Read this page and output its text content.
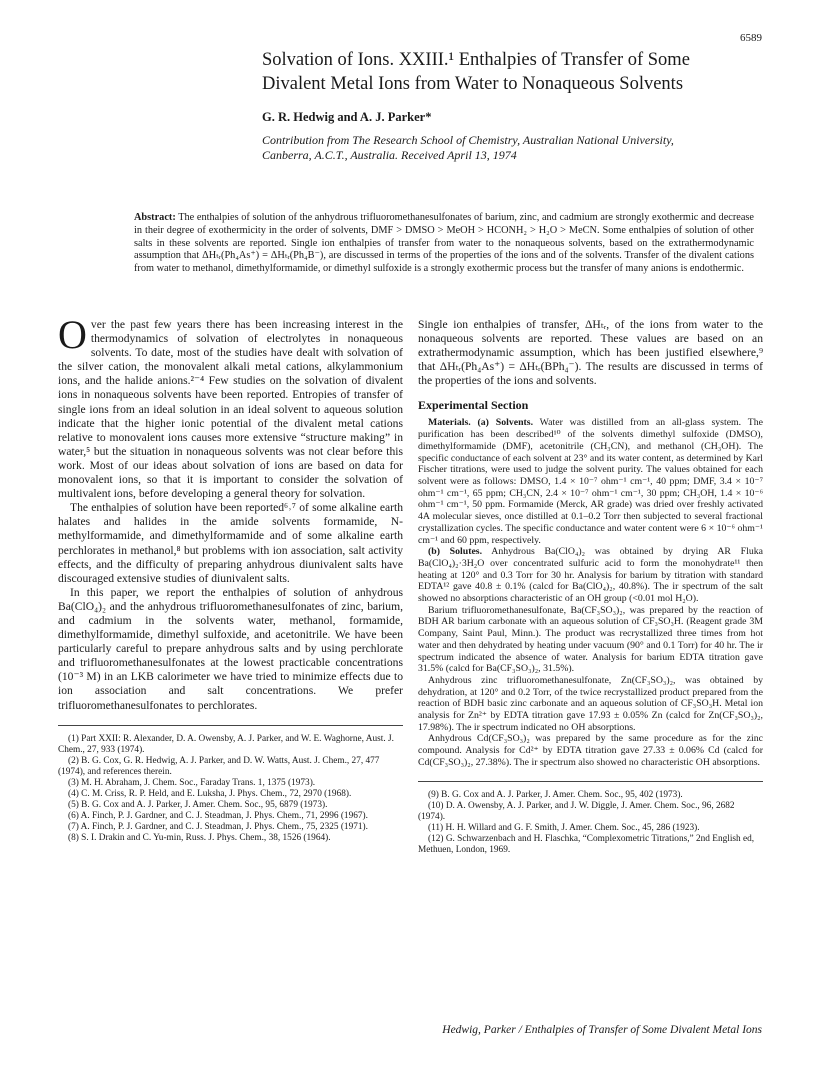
6589
Solvation of Ions. XXIII.¹ Enthalpies of Transfer of Some
Divalent Metal Ions from Water to Nonaqueous Solvents
G. R. Hedwig and A. J. Parker*
Contribution from The Research School of Chemistry, Australian National University,
Canberra, A.C.T., Australia. Received April 13, 1974
Abstract: The enthalpies of solution of the anhydrous trifluoromethanesulfonates of barium, zinc, and cadmium are strongly exothermic and decrease in their degree of exothermicity in the order of solvents, DMF > DMSO > MeOH > HCONH₂ > H₂O > MeCN. Some enthalpies of solution of other salts in these solvents are reported. Single ion enthalpies of transfer from water to the nonaqueous solvents, based on the extrathermodynamic assumption that ΔHₜᵣ(Ph₄As⁺) = ΔHₜᵣ(Ph₄B⁻), are discussed in terms of the properties of the ions and of the solvents. Transfer of the divalent cations from water to methanol, dimethylformamide, or dimethyl sulfoxide is a strongly exothermic process but the transfer of many anions is endothermic.

Over the past few years there has been increasing interest in the thermodynamics of solvation of electrolytes in nonaqueous solvents. To date, most of the studies have dealt with solvation of the silver cation, the monovalent alkali metal cations, alkylammonium ions, and the halide anions.²⁻⁴ Few studies on the solvation of divalent ions in nonaqueous solvents have been reported. Entropies of transfer of single ions from an ideal solution in an ideal solvent to aqueous solution indicate that the higher ionic potential of the divalent metal cations relative to monovalent ions causes more extensive “structure making” in water,⁵ but the situation in nonaqueous solvents was not clear before this work. Most of our ideas about solvation of ions are based on data for monovalent ions, so that it is important to consider the solvation of multivalent ions, before developing a general theory for solvation.

The enthalpies of solution have been reported⁶˒⁷ of some alkaline earth halates and halides in the amide solvents formamide, N-methylformamide, and dimethylformamide and of some alkaline earth perchlorates in methanol,⁸ but problems with ion association, salt activity effects, and the difficulty of preparing anhydrous diunivalent salts have discouraged extensive studies of diunivalent salts.

In this paper, we report the enthalpies of solution of anhydrous Ba(ClO₄)₂ and the anhydrous trifluoromethanesulfonates of zinc, barium, and cadmium in the solvents water, methanol, formamide, dimethylformamide, dimethyl sulfoxide, and acetonitrile. We have been particularly careful to prepare anhydrous salts and by using perchlorate and trifluoromethanesulfonates at the lowest practicable concentrations (10⁻³ M) in an LKB calorimeter we have tried to minimize effects due to ion association and salt concentrations. We prefer trifluoromethanesulfonates to perchlorates.

(1) Part XXII: R. Alexander, D. A. Owensby, A. J. Parker, and W. E. Waghorne, Aust. J. Chem., 27, 933 (1974).

(2) B. G. Cox, G. R. Hedwig, A. J. Parker, and D. W. Watts, Aust. J. Chem., 27, 477 (1974), and references therein.

(3) M. H. Abraham, J. Chem. Soc., Faraday Trans. 1, 1375 (1973).

(4) C. M. Criss, R. P. Held, and E. Luksha, J. Phys. Chem., 72, 2970 (1968).

(5) B. G. Cox and A. J. Parker, J. Amer. Chem. Soc., 95, 6879 (1973).

(6) A. Finch, P. J. Gardner, and C. J. Steadman, J. Phys. Chem., 71, 2996 (1967).

(7) A. Finch, P. J. Gardner, and C. J. Steadman, J. Phys. Chem., 75, 2325 (1971).

(8) S. I. Drakin and C. Yu-min, Russ. J. Phys. Chem., 38, 1526 (1964).

Single ion enthalpies of transfer, ΔHₜᵣ, of the ions from water to the nonaqueous solvents are reported. These values are based on an extrathermodynamic assumption, which has been justified elsewhere,⁹ that ΔHₜᵣ(Ph₄As⁺) = ΔHₜᵣ(BPh₄⁻). The results are discussed in terms of the properties of the ions and solvents.

Experimental Section

Materials. (a) Solvents. Water was distilled from an all-glass system. The purification has been described¹⁰ of the solvents dimethyl sulfoxide (DMSO), dimethylformamide (DMF), acetonitrile (CH₃CN), and methanol (CH₃OH). The specific conductance of each solvent at 23° and its water content, as determined by Karl Fischer titrations, were used to judge the solvent purity. The values obtained for each solvent were as follows: DMSO, 1.4 × 10⁻⁷ ohm⁻¹ cm⁻¹, 40 ppm; DMF, 3.4 × 10⁻⁷ ohm⁻¹ cm⁻¹, 65 ppm; CH₃CN, 2.4 × 10⁻⁷ ohm⁻¹ cm⁻¹, 30 ppm; CH₃OH, 1.4 × 10⁻⁶ ohm⁻¹ cm⁻¹, 50 ppm. Formamide (Merck, AR grade) was dried over freshly activated 4A molecular sieves, once distilled at 0.1–0.2 Torr then subjected to several fractional crystallization cycles. The specific conductance and water content were 6 × 10⁻⁶ ohm⁻¹ cm⁻¹ and 60 ppm, respectively.

(b) Solutes. Anhydrous Ba(ClO₄)₂ was obtained by drying AR Fluka Ba(ClO₄)₂·3H₂O over concentrated sulfuric acid to form the monohydrate¹¹ then heating at 120° and 0.3 Torr for 30 hr. Analysis for barium by titration with standard EDTA¹² gave 40.8 ± 0.1% (calcd for Ba(ClO₄)₂, 40.8%). The ir spectrum of the salt showed no absorptions characteristic of an OH group (<0.01 mol H₂O).

Barium trifluoromethanesulfonate, Ba(CF₃SO₃)₂, was prepared by the reaction of BDH AR barium carbonate with an aqueous solution of CF₃SO₃H. (Reagent grade 3M Company, Saint Paul, Minn.). The product was recrystallized three times from hot water and then dehydrated by heating under vacuum (90° and 0.1 Torr) for 40 hr. The ir spectrum indicated the absence of water. Analysis for barium EDTA titration gave 31.5% (calcd for Ba(CF₃SO₃)₂, 31.5%).

Anhydrous zinc trifluoromethanesulfonate, Zn(CF₃SO₃)₂, was obtained by dehydration, at 120° and 0.2 Torr, of the twice recrystallized product prepared from the reaction of BDH basic zinc carbonate and an aqueous solution of CF₃SO₃H. Metal ion analysis for Zn²⁺ by EDTA titration gave 17.93 ± 0.05% Zn (calcd for Zn(CF₃SO₃)₂, 17.98%). The ir spectrum indicated no OH absorptions.

Anhydrous Cd(CF₃SO₃)₂ was prepared by the same procedure as for the zinc compound. Analysis for Cd²⁺ by EDTA titration gave 27.33 ± 0.06% Cd (calcd for Cd(CF₃SO₃)₂, 27.38%). The ir spectrum also showed no characteristic OH absorptions.

(9) B. G. Cox and A. J. Parker, J. Amer. Chem. Soc., 95, 402 (1973).

(10) D. A. Owensby, A. J. Parker, and J. W. Diggle, J. Amer. Chem. Soc., 96, 2682 (1974).

(11) H. H. Willard and G. F. Smith, J. Amer. Chem. Soc., 45, 286 (1923).

(12) G. Schwarzenbach and H. Flaschka, “Complexometric Titrations,” 2nd English ed, Methuen, London, 1969.

Hedwig, Parker / Enthalpies of Transfer of Some Divalent Metal Ions
